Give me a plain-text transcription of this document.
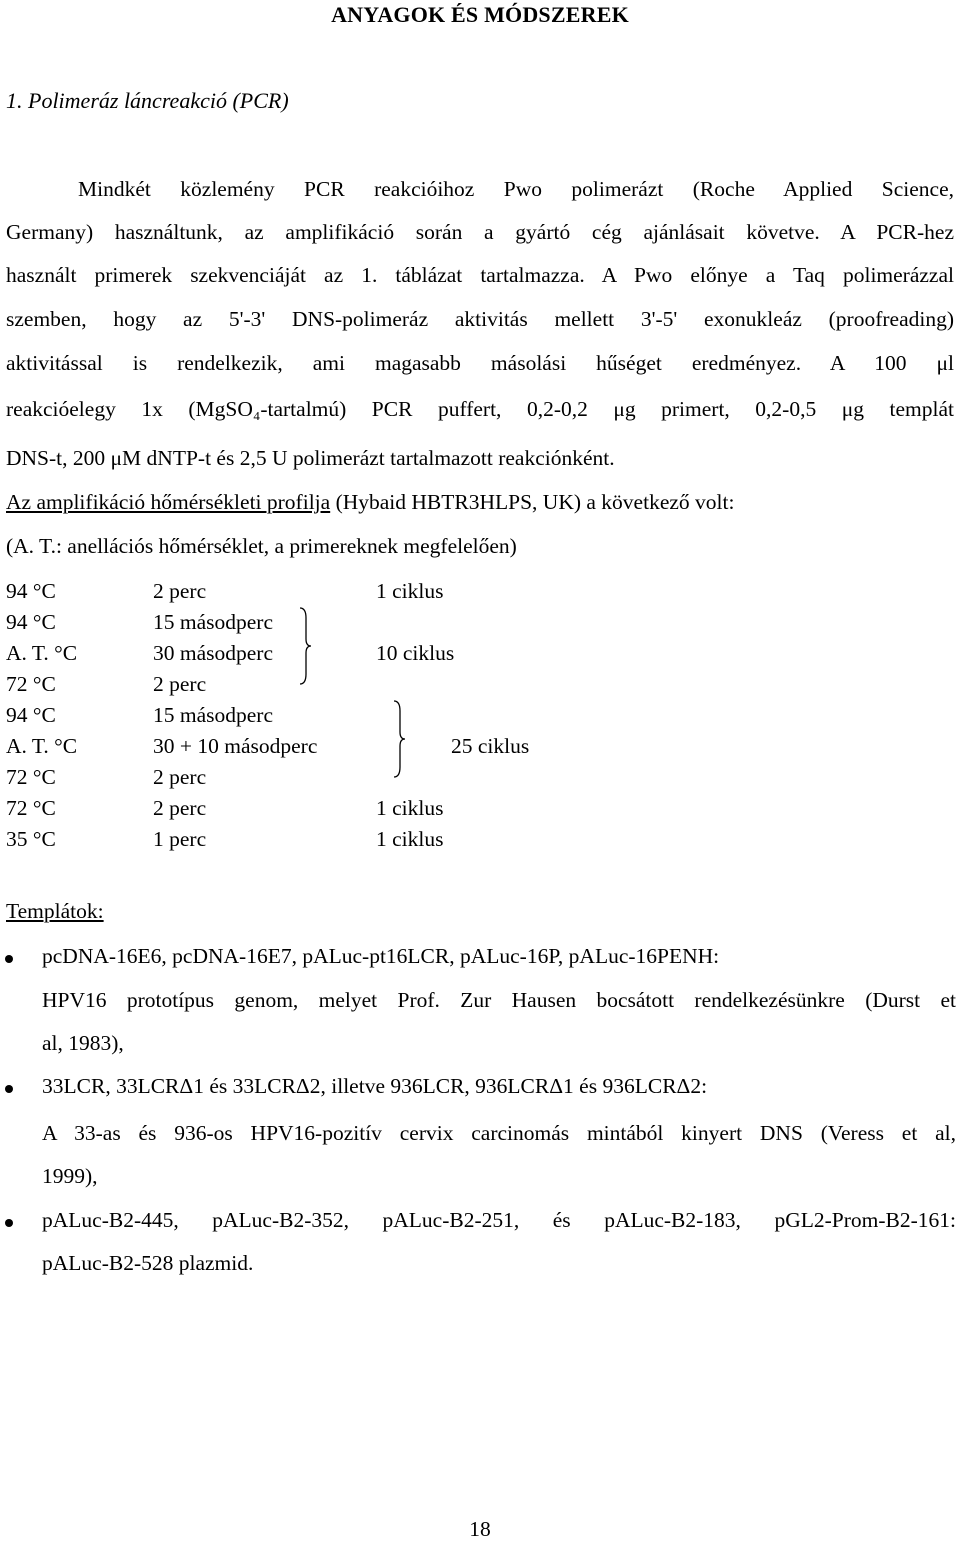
ANYAGOK ÉS MÓDSZEREK
1. Polimeráz láncreakció (PCR)
Mindkét közlemény PCR reakcióihoz Pwo polimerázt (Roche Applied Science,
Germany) használtunk, az amplifikáció során a gyártó cég ajánlásait követve. A PCR-hez
használt primerek szekvenciáját az 1. táblázat tartalmazza. A Pwo előnye a Taq polimerázzal
szemben, hogy az 5'-3' DNS-polimeráz aktivitás mellett 3'-5' exonukleáz (proofreading)
aktivitással is rendelkezik, ami magasabb másolási hűséget eredményez. A 100 μl
reakcióelegy 1x (MgSO₄-tartalmú) PCR puffert, 0,2-0,2 μg primert, 0,2-0,5 μg templát
DNS-t, 200 μM dNTP-t és 2,5 U polimerázt tartalmazott reakciónként.
Az amplifikáció hőmérsékleti profilja (Hybaid HBTR3HLPS, UK) a következő volt:
(A. T.: anellációs hőmérséklet, a primereknek megfelelően)
94 °C	2 perc	1 ciklus
94 °C	15 másodperc
A. T. °C	30 másodperc	10 ciklus
72 °C	2 perc
94 °C	15 másodperc
A. T. °C	30 + 10 másodperc	25 ciklus
72 °C	2 perc
72 °C	2 perc	1 ciklus
35 °C	1 perc	1 ciklus
Templátok:
pcDNA-16E6, pcDNA-16E7, pALuc-pt16LCR, pALuc-16P, pALuc-16PENH:
HPV16 prototípus genom, melyet Prof. Zur Hausen bocsátott rendelkezésünkre (Durst et
al, 1983),
33LCR, 33LCRΔ1 és 33LCRΔ2, illetve 936LCR, 936LCRΔ1 és 936LCRΔ2:
A 33-as és 936-os HPV16-pozitív cervix carcinomás mintából kinyert DNS (Veress et al,
1999),
pALuc-B2-445, pALuc-B2-352, pALuc-B2-251, és pALuc-B2-183, pGL2-Prom-B2-161:
pALuc-B2-528 plazmid.
18
